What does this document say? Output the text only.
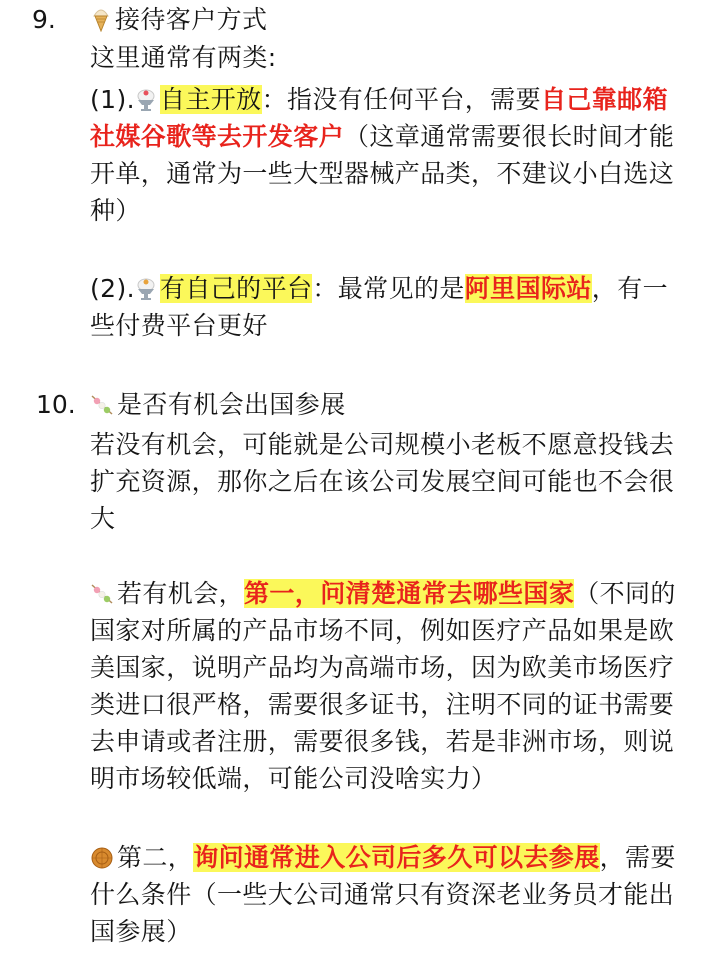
9.	接待客户方式
这里通常有两类:
(1). 自主开放：指没有任何平台，需要自己靠邮箱
社媒谷歌等去开发客户（这章通常需要很长时间才能
开单，通常为一些大型器械产品类，不建议小白选这
种）
(2). 有自己的平台：最常见的是阿里国际站，有一
些付费平台更好
10.	是否有机会出国参展
若没有机会，可能就是公司规模小老板不愿意投钱去
扩充资源，那你之后在该公司发展空间可能也不会很
大
若有机会，第一，问清楚通常去哪些国家（不同的
国家对所属的产品市场不同，例如医疗产品如果是欧
美国家，说明产品均为高端市场，因为欧美市场医疗
类进口很严格，需要很多证书，注明不同的证书需要
去申请或者注册，需要很多钱，若是非洲市场，则说
明市场较低端，可能公司没啥实力）
第二，询问通常进入公司后多久可以去参展，需要
什么条件（一些大公司通常只有资深老业务员才能出
国参展）
